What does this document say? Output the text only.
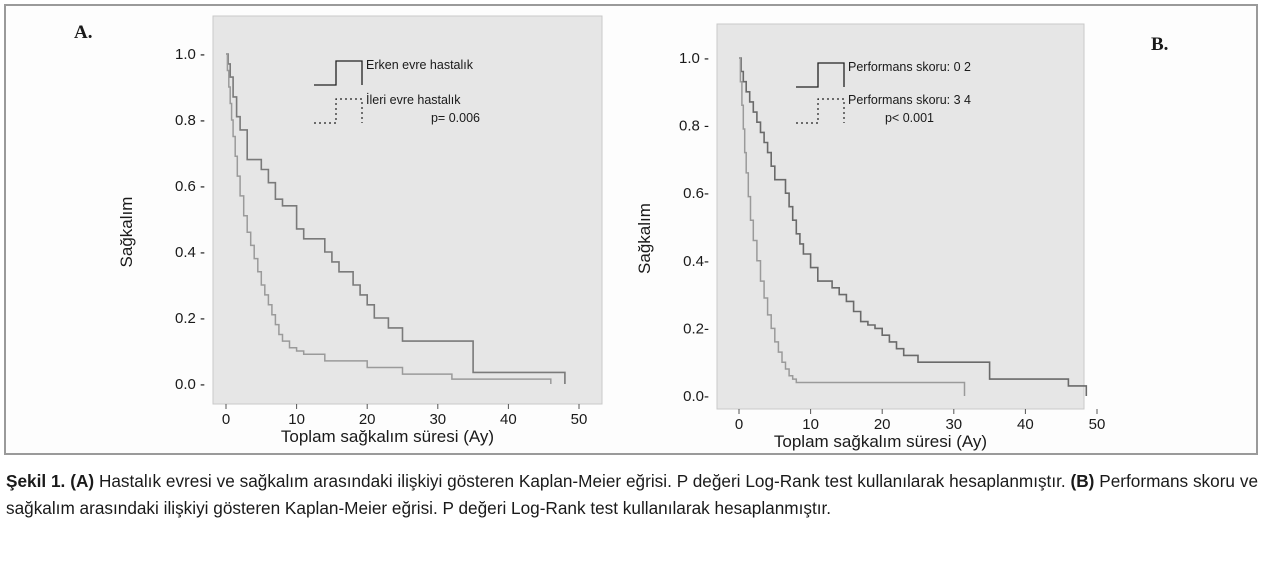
A.
0.0 -
0.2 -
0.4 -
0.6 -
0.8 -
1.0 -
0	10	20	30	40	50
Toplam sağkalım süresi (Ay)
Sağkalım
Erken evre hastalık
İleri evre hastalık
p= 0.006
B.
0.0-
0.2-
0.4-
0.6-
0.8 -
1.0 -
0	10	20	30	40	50
Toplam sağkalım süresi (Ay)
Sağkalım
Performans skoru: 0 2
Performans skoru: 3 4
p< 0.001
Şekil 1. (A) Hastalık evresi ve sağkalım arasındaki ilişkiyi gösteren Kaplan-Meier eğrisi. P değeri Log-Rank test kullanılarak hesaplanmıştır. (B) Performans skoru ve sağkalım arasındaki ilişkiyi gösteren Kaplan-Meier eğrisi. P değeri Log-Rank test kullanılarak hesaplanmıştır.
